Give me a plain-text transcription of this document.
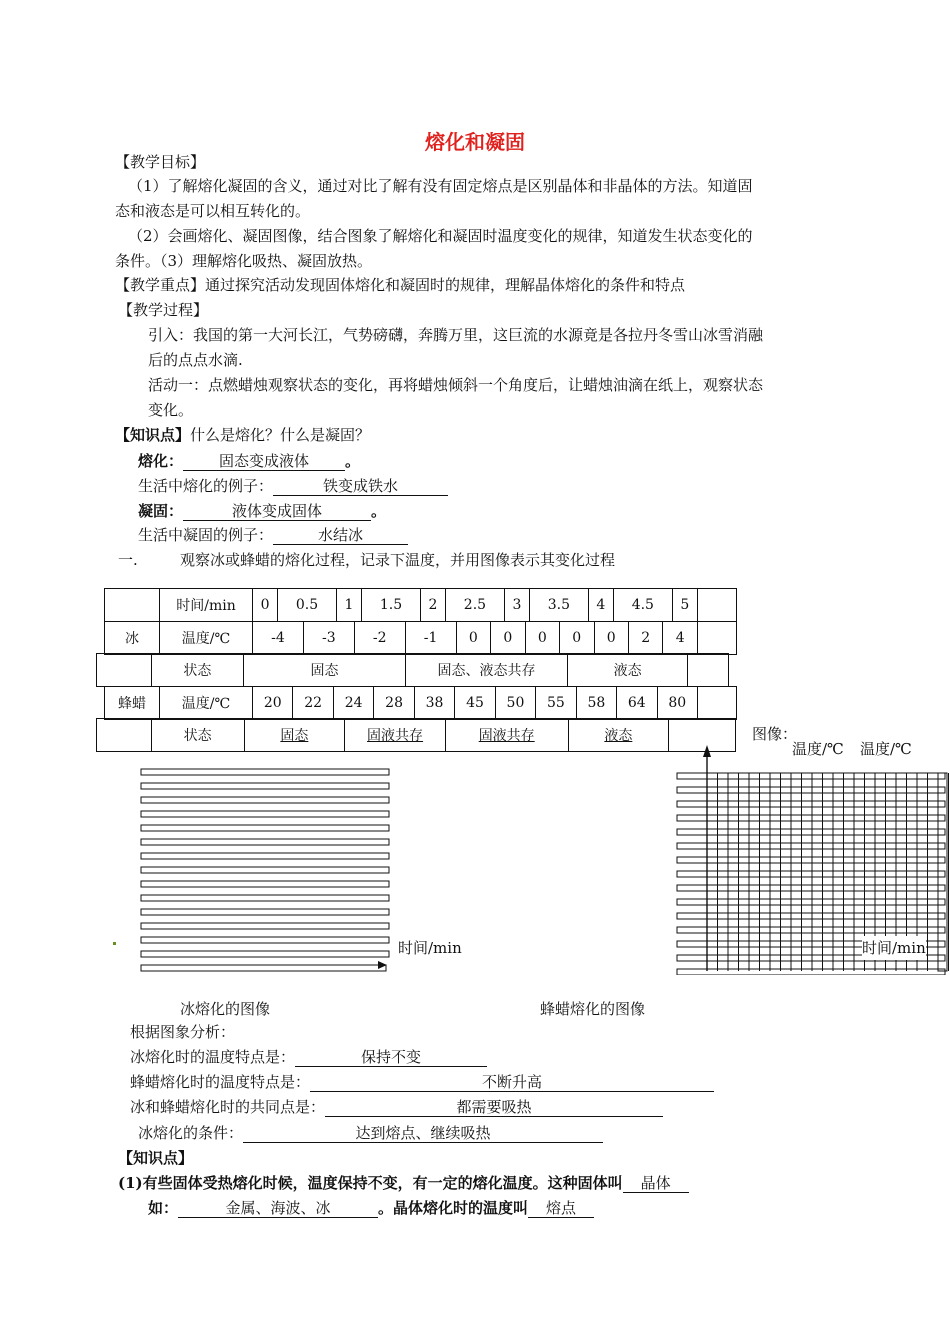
熔化和凝固
【教学目标】
（1）了解熔化凝固的含义，通过对比了解有没有固定熔点是区别晶体和非晶体的方法。知道固
态和液态是可以相互转化的。
（2）会画熔化、凝固图像，结合图象了解熔化和凝固时温度变化的规律，知道发生状态变化的
条件。（3）理解熔化吸热、凝固放热。
【教学重点】通过探究活动发现固体熔化和凝固时的规律，理解晶体熔化的条件和特点
【教学过程】
引入：我国的第一大河长江，气势磅礴，奔腾万里，这巨流的水源竟是各拉丹冬雪山冰雪消融
后的点点水滴.
活动一：点燃蜡烛观察状态的变化，再将蜡烛倾斜一个角度后，让蜡烛油滴在纸上，观察状态
变化。
【知识点】什么是熔化？什么是凝固？
熔化： 固态变成液体 。
生活中熔化的例子：	铁变成铁水
凝固：	液体变成固体	。
生活中凝固的例子：	水结冰
一.	观察冰或蜂蜡的熔化过程，记录下温度，并用图像表示其变化过程
	时间/min	0	0.5	1	1.5	2	2.5	3	3.5	4	4.5	5	
冰	温度/℃	-4	-3	-2	-1	0	0	0	0	0	2	4	
	状态	固态	固态、液态共存	液态	
蜂蜡	温度/℃	20	22	24	28	38	45	50	55	58	64	80	
	状态	固态	固液共存	固液共存	液态		图像：
温度/℃ 温度/℃
时间/min	时间/min
冰熔化的图像	蜂蜡熔化的图像
根据图象分析：
冰熔化时的温度特点是：	保持不变
蜂蜡熔化时的温度特点是：	不断升高
冰和蜂蜡熔化时的共同点是：	都需要吸热
冰熔化的条件：	达到熔点、继续吸热
【知识点】
(1)有些固体受热熔化时候，温度保持不变，有一定的熔化温度。这种固体叫 晶体
如：	金属、海波、冰	。晶体熔化时的温度叫 熔点
